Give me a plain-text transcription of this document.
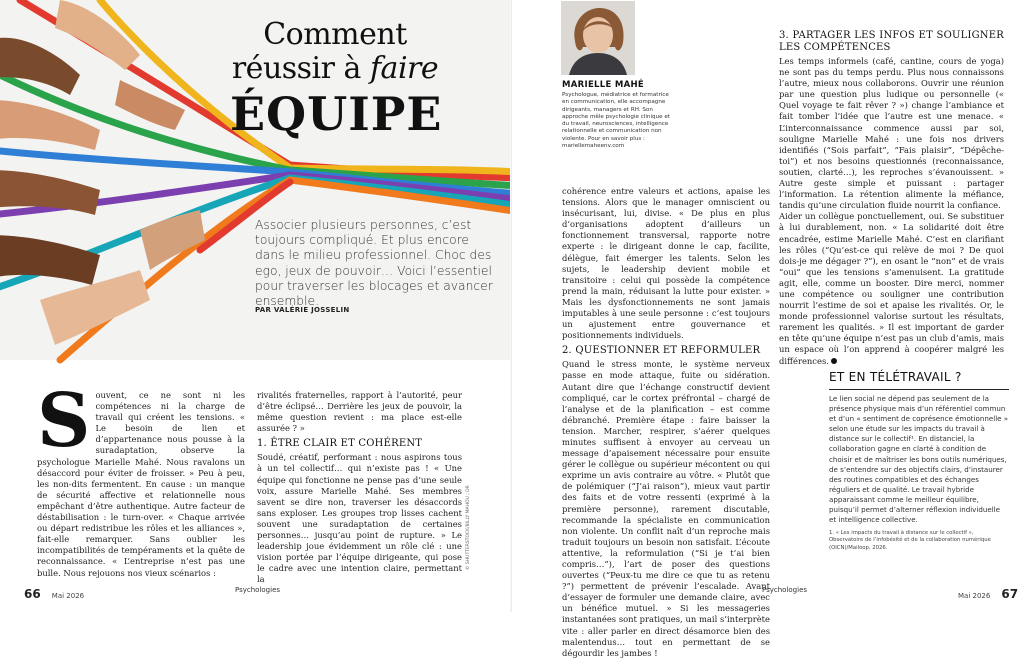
Comment
réussir à faire
ÉQUIPE
Associer plusieurs personnes, c’est toujours compliqué. Et plus encore dans le milieu professionnel. Choc des ego, jeux de pouvoir… Voici l’essentiel pour traverser les blocages et avancer ensemble.
PAR VALÉRIE JOSSELIN
S ouvent, ce ne sont ni les compétences ni la charge de travail qui créent les tensions. « Le besoin de lien et d’appartenance nous pousse à la suradaptation, observe la psychologue Marielle Mahé. Nous ravalons un désaccord pour éviter de froisser. » Peu à peu, les non-dits fermentent. En cause : un manque de sécurité affective et relationnelle nous empêchant d’être authentique. Autre facteur de déstabilisation : le turn-over. « Chaque arrivée ou départ redistribue les rôles et les alliances », fait-elle remarquer. Sans oublier les incompatibilités de tempéraments et la quête de reconnaissance. « L’entreprise n’est pas une bulle. Nous rejouons nos vieux scénarios :

rivalités fraternelles, rapport à l’autorité, peur d’être éclipsé… Derrière les jeux de pouvoir, la même question revient : ma place est-elle assurée ? »

1. ÊTRE CLAIR ET COHÉRENT

Soudé, créatif, performant : nous aspirons tous à un tel collectif… qui n’existe pas ! « Une équipe qui fonctionne ne pense pas d’une seule voix, assure Marielle Mahé. Ses membres savent se dire non, traverser les désaccords sans exploser. Les groupes trop lisses cachent souvent une suradaptation de certaines personnes… jusqu’au point de rupture. » Le leadership joue évidemment un rôle clé : une vision portée par l’équipe dirigeante, qui pose le cadre avec une intention claire, permettant la

© SHUTTERSTOCK/BILLY MAHOU ; DR
66 Mai 2026
Psychologies
MARIELLE MAHÉ
Psychologue, médiatrice et formatrice en communication, elle accompagne dirigeants, managers et RH. Son approche mêle psychologie clinique et du travail, neurosciences, intelligence relationnelle et communication non violente. Pour en savoir plus : mariellemaheenv.com

cohérence entre valeurs et actions, apaise les tensions. Alors que le manager omniscient ou insécurisant, lui, divise. « De plus en plus d’organisations adoptent d’ailleurs un fonctionnement transversal, rapporte notre experte : le dirigeant donne le cap, facilite, délègue, fait émerger les talents. Selon les sujets, le leadership devient mobile et transitoire : celui qui possède la compétence prend la main, réduisant la lutte pour exister. » Mais les dysfonctionnements ne sont jamais imputables à une seule personne : c’est toujours un ajustement entre gouvernance et positionnements individuels.

2. QUESTIONNER ET REFORMULER

Quand le stress monte, le système nerveux passe en mode attaque, fuite ou sidération. Autant dire que l’échange constructif devient compliqué, car le cortex préfrontal – chargé de l’analyse et de la planification – est comme débranché. Première étape : faire baisser la tension. Marcher, respirer, s’aérer quelques minutes suffisent à envoyer au cerveau un message d’apaisement nécessaire pour ensuite gérer le collègue ou supérieur mécontent ou qui exprime un avis contraire au vôtre. « Plutôt que de polémiquer (“J’ai raison”), mieux vaut partir des faits et de votre ressenti (exprimé à la première personne), rarement discutable, recommande la spécialiste en communication non violente. Un conflit naît d’un reproche mais traduit toujours un besoin non satisfait. L’écoute attentive, la reformulation (“Si je t’ai bien compris…”), l’art de poser des questions ouvertes (“Peux-tu me dire ce que tu as retenu ?”) permettent de prévenir l’escalade. Avant d’essayer de formuler une demande claire, avec un bénéfice mutuel. » Si les messageries instantanées sont pratiques, un mail s’interprète vite : aller parler en direct désamorce bien des malentendus… tout en permettant de se dégourdir les jambes !

3. PARTAGER LES INFOS ET SOULIGNER LES COMPÉTENCES

Les temps informels (café, cantine, cours de yoga) ne sont pas du temps perdu. Plus nous connaissons l’autre, mieux nous collaborons. Ouvrir une réunion par une question plus ludique ou personnelle (« Quel voyage te fait rêver ? ») change l’ambiance et fait tomber l’idée que l’autre est une menace. « L’interconnaissance commence aussi par soi, souligne Marielle Mahé : une fois nos drivers identifiés (“Sois parfait”, “Fais plaisir”, “Dépêche-toi”) et nos besoins questionnés (reconnaissance, soutien, clarté…), les reproches s’évanouissent. » Autre geste simple et puissant : partager l’information. La rétention alimente la méfiance, tandis qu’une circulation fluide nourrit la confiance.

Aider un collègue ponctuellement, oui. Se substituer à lui durablement, non. « La solidarité doit être encadrée, estime Marielle Mahé. C’est en clarifiant les rôles (“Qu’est-ce qui relève de moi ? De quoi dois-je me dégager ?”), en osant le “non” et de vrais “oui” que les tensions s’amenuisent. La gratitude agit, elle, comme un booster. Dire merci, nommer une compétence ou souligner une contribution nourrit l’estime de soi et apaise les rivalités. Or, le monde professionnel valorise surtout les résultats, rarement les qualités. » Il est important de garder en tête qu’une équipe n’est pas un club d’amis, mais un espace où l’on apprend à coopérer malgré les différences.

ET EN TÉLÉTRAVAIL ?
Le lien social ne dépend pas seulement de la présence physique mais d’un référentiel commun et d’un « sentiment de coprésence émotionnelle » selon une étude sur les impacts du travail à distance sur le collectif¹. En distanciel, la collaboration gagne en clarté à condition de choisir et de maîtriser les bons outils numériques, de s’entendre sur des objectifs clairs, d’instaurer des routines compatibles et des échanges réguliers et de qualité. Le travail hybride apparaissant comme le meilleur équilibre, puisqu’il permet d’alterner réflexion individuelle et intelligence collective.
1. « Les impacts du travail à distance sur le collectif », Observatoire de l’infobésité et de la collaboration numérique (OICN)/Mailoop, 2026.
Psychologies
Mai 2026 67
